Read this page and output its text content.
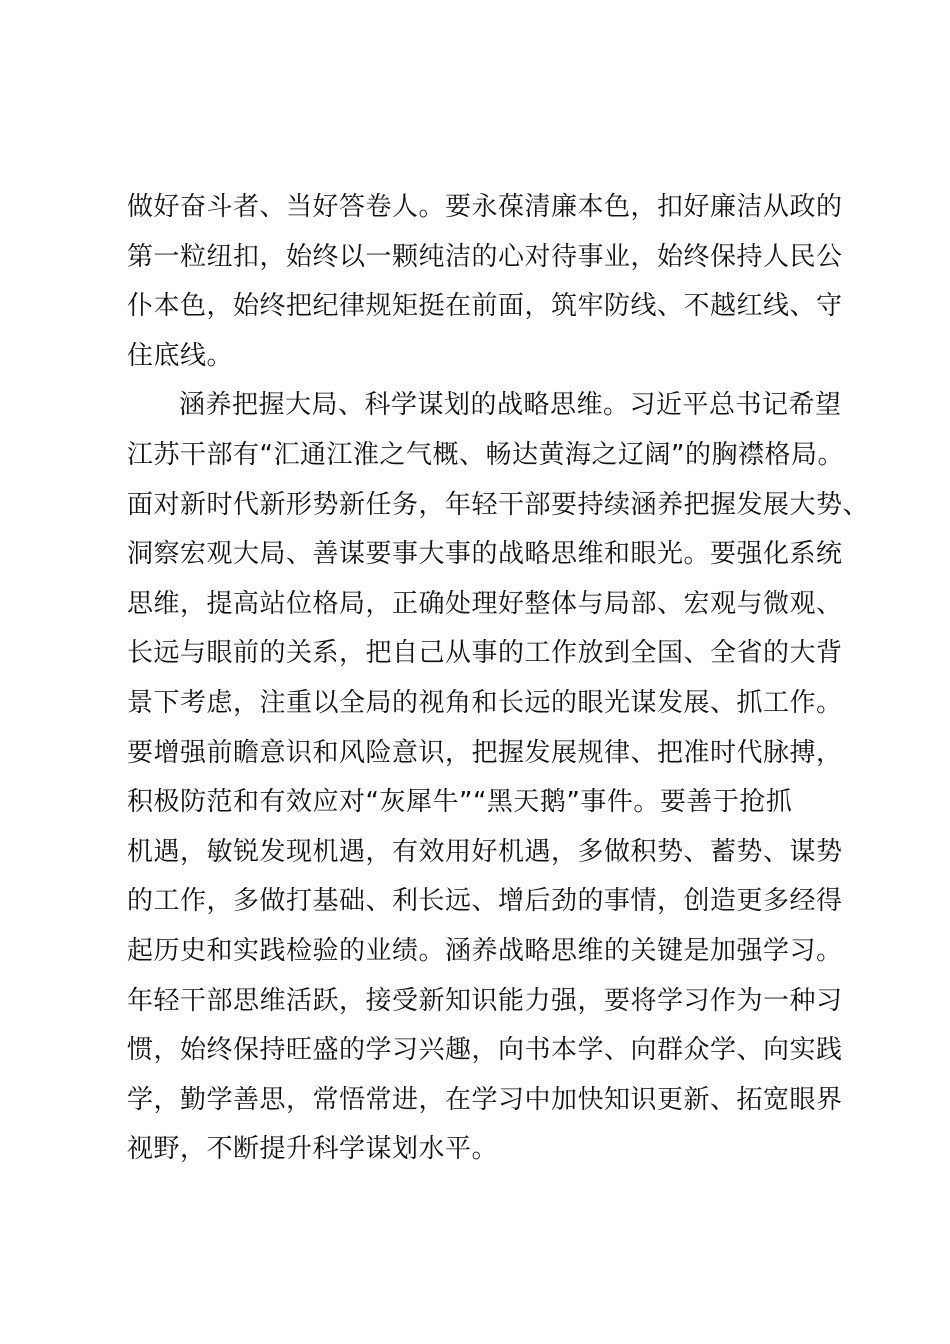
做好奋斗者、当好答卷人。要永葆清廉本色，扣好廉洁从政的
第一粒纽扣，始终以一颗纯洁的心对待事业，始终保持人民公
仆本色，始终把纪律规矩挺在前面，筑牢防线、不越红线、守
住底线。
涵养把握大局、科学谋划的战略思维。习近平总书记希望
江苏干部有“汇通江淮之气概、畅达黄海之辽阔”的胸襟格局。
面对新时代新形势新任务，年轻干部要持续涵养把握发展大势、
洞察宏观大局、善谋要事大事的战略思维和眼光。要强化系统
思维，提高站位格局，正确处理好整体与局部、宏观与微观、
长远与眼前的关系，把自己从事的工作放到全国、全省的大背
景下考虑，注重以全局的视角和长远的眼光谋发展、抓工作。
要增强前瞻意识和风险意识，把握发展规律、把准时代脉搏，
积极防范和有效应对“灰犀牛”“黑天鹅”事件。要善于抢抓
机遇，敏锐发现机遇，有效用好机遇，多做积势、蓄势、谋势
的工作，多做打基础、利长远、增后劲的事情，创造更多经得
起历史和实践检验的业绩。涵养战略思维的关键是加强学习。
年轻干部思维活跃，接受新知识能力强，要将学习作为一种习
惯，始终保持旺盛的学习兴趣，向书本学、向群众学、向实践
学，勤学善思，常悟常进，在学习中加快知识更新、拓宽眼界
视野，不断提升科学谋划水平。
